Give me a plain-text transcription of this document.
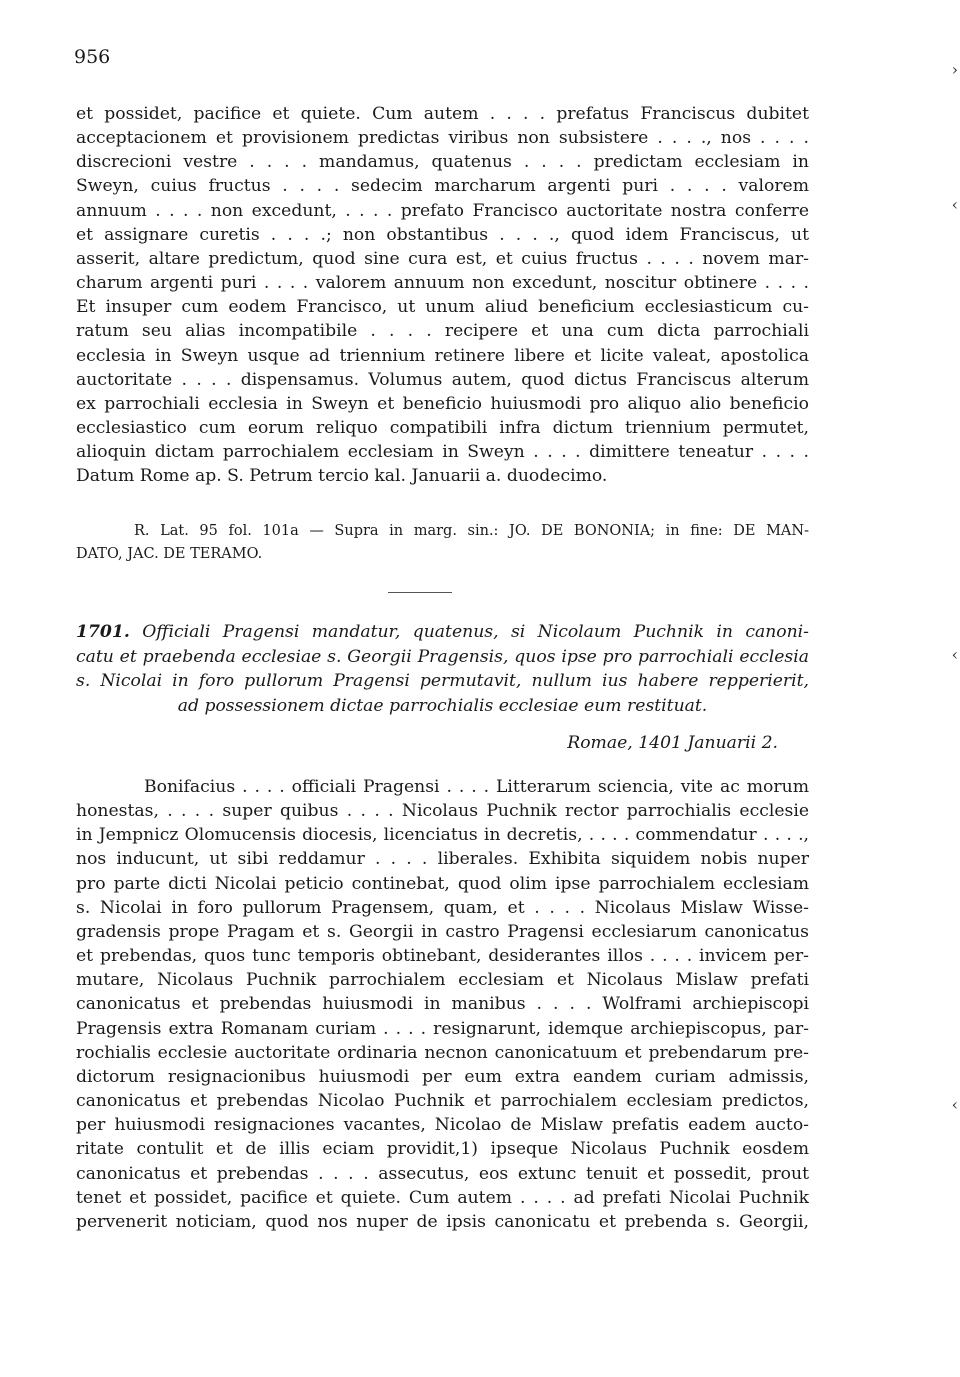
956
et possidet, pacifice et quiete. Cum autem . . . . prefatus Franciscus dubitet
acceptacionem et provisionem predictas viribus non subsistere . . . ., nos . . . .
discrecioni vestre . . . . mandamus, quatenus . . . . predictam ecclesiam in
Sweyn, cuius fructus . . . . sedecim marcharum argenti puri . . . . valorem
annuum . . . . non excedunt, . . . . prefato Francisco auctoritate nostra conferre
et assignare curetis . . . .; non obstantibus . . . ., quod idem Franciscus, ut
asserit, altare predictum, quod sine cura est, et cuius fructus . . . . novem mar-
charum argenti puri . . . . valorem annuum non excedunt, noscitur obtinere . . . .
Et insuper cum eodem Francisco, ut unum aliud beneficium ecclesiasticum cu-
ratum seu alias incompatibile . . . . recipere et una cum dicta parrochiali
ecclesia in Sweyn usque ad triennium retinere libere et licite valeat, apostolica
auctoritate . . . . dispensamus. Volumus autem, quod dictus Franciscus alterum
ex parrochiali ecclesia in Sweyn et beneficio huiusmodi pro aliquo alio beneficio
ecclesiastico cum eorum reliquo compatibili infra dictum triennium permutet,
alioquin dictam parrochialem ecclesiam in Sweyn . . . . dimittere teneatur . . . .
Datum Rome ap. S. Petrum tercio kal. Januarii a. duodecimo.
R. Lat. 95 fol. 101a — Supra in marg. sin.: JO. DE BONONIA; in fine: DE MAN-
DATO, JAC. DE TERAMO.
1701. Officiali Pragensi mandatur, quatenus, si Nicolaum Puchnik in canoni-
catu et praebenda ecclesiae s. Georgii Pragensis, quos ipse pro parrochiali ecclesia
s. Nicolai in foro pullorum Pragensi permutavit, nullum ius habere repperierit,
ad possessionem dictae parrochialis ecclesiae eum restituat.
Romae, 1401 Januarii 2.
Bonifacius . . . . officiali Pragensi . . . . Litterarum sciencia, vite ac morum
honestas, . . . . super quibus . . . . Nicolaus Puchnik rector parrochialis ecclesie
in Jempnicz Olomucensis diocesis, licenciatus in decretis, . . . . commendatur . . . .,
nos inducunt, ut sibi reddamur . . . . liberales. Exhibita siquidem nobis nuper
pro parte dicti Nicolai peticio continebat, quod olim ipse parrochialem ecclesiam
s. Nicolai in foro pullorum Pragensem, quam, et . . . . Nicolaus Mislaw Wisse-
gradensis prope Pragam et s. Georgii in castro Pragensi ecclesiarum canonicatus
et prebendas, quos tunc temporis obtinebant, desiderantes illos . . . . invicem per-
mutare, Nicolaus Puchnik parrochialem ecclesiam et Nicolaus Mislaw prefati
canonicatus et prebendas huiusmodi in manibus . . . . Wolframi archiepiscopi
Pragensis extra Romanam curiam . . . . resignarunt, idemque archiepiscopus, par-
rochialis ecclesie auctoritate ordinaria necnon canonicatuum et prebendarum pre-
dictorum resignacionibus huiusmodi per eum extra eandem curiam admissis,
canonicatus et prebendas Nicolao Puchnik et parrochialem ecclesiam predictos,
per huiusmodi resignaciones vacantes, Nicolao de Mislaw prefatis eadem aucto-
ritate contulit et de illis eciam providit,1) ipseque Nicolaus Puchnik eosdem
canonicatus et prebendas . . . . assecutus, eos extunc tenuit et possedit, prout
tenet et possidet, pacifice et quiete. Cum autem . . . . ad prefati Nicolai Puchnik
pervenerit noticiam, quod nos nuper de ipsis canonicatu et prebenda s. Georgii,
›
‹
‹
‹
